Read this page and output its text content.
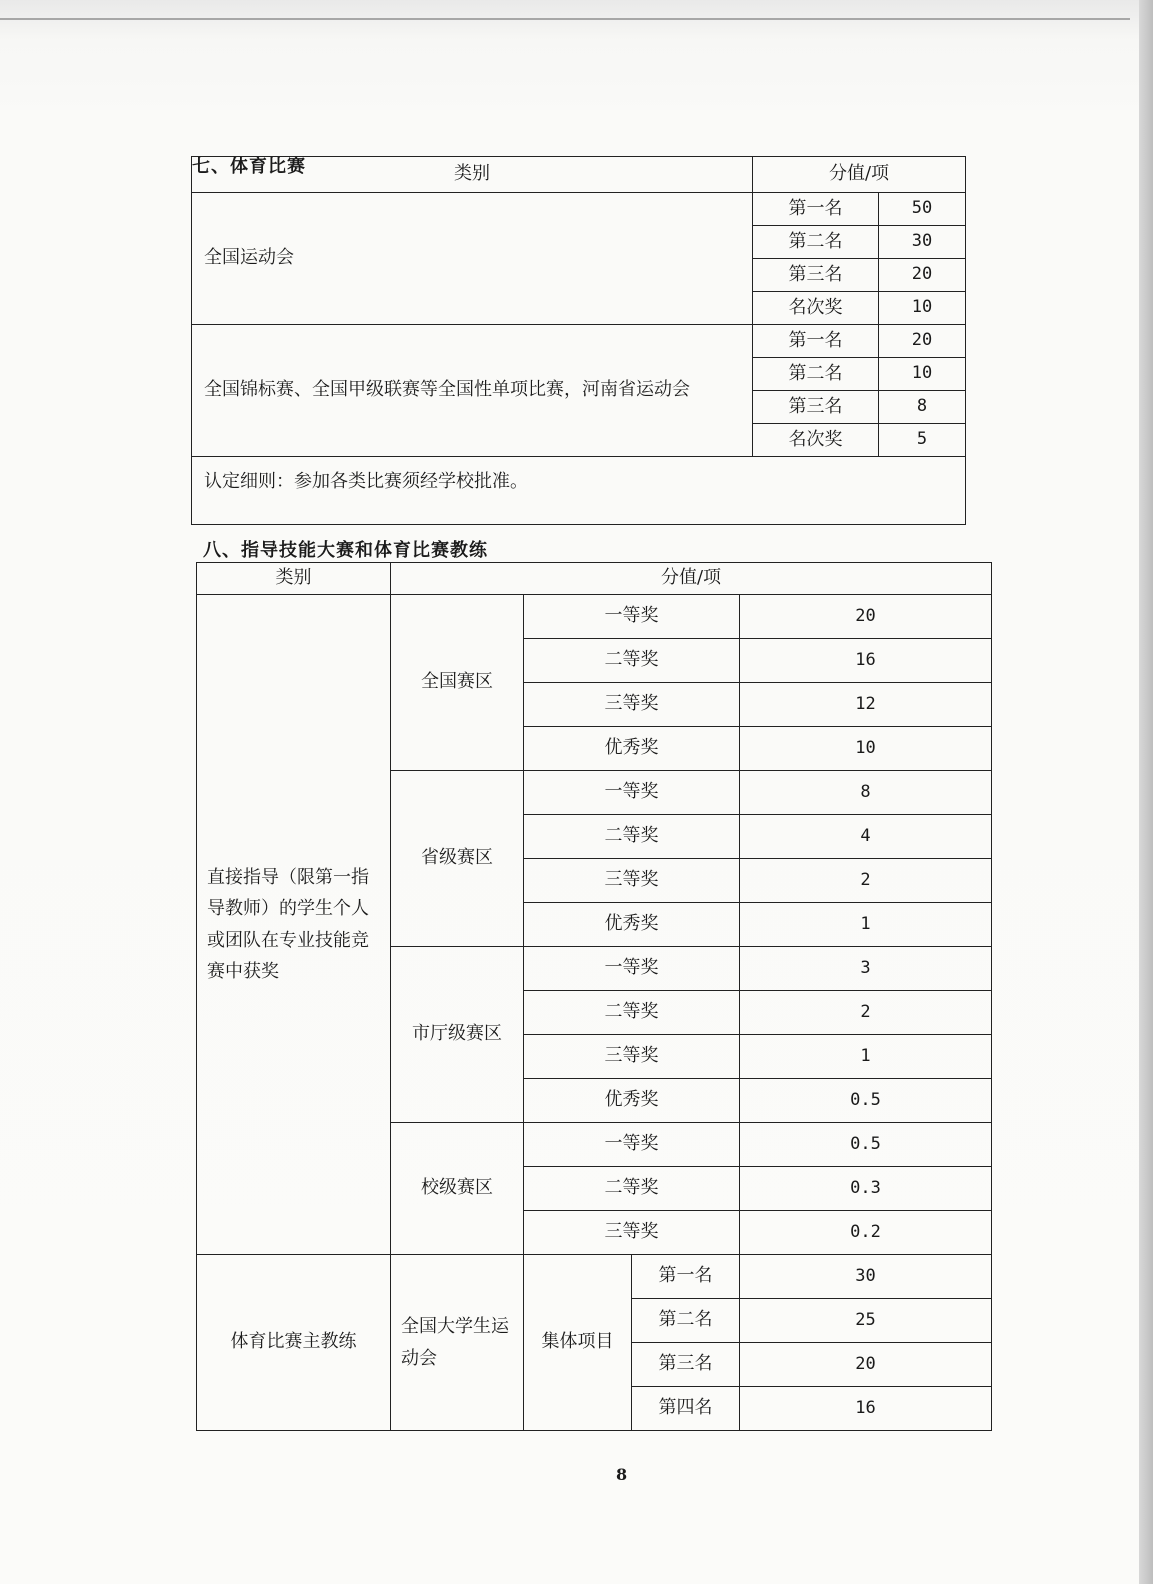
七、体育比赛	类别	分值/项	
全国运动会	第一名	50
	第二名	30
	第三名	20
	名次奖	10
全国锦标赛、全国甲级联赛等全国性单项比赛，河南省运动会	第一名	20
	第二名	10
	第三名	8
	名次奖	5
认定细则：参加各类比赛须经学校批准。		
八、指导技能大赛和体育比赛教练
类别	分值/项			
直接指导（限第一指导教师）的学生个人或团队在专业技能竞赛中获奖	全国赛区	一等奖		20
		二等奖		16
		三等奖		12
		优秀奖		10
	省级赛区	一等奖		8
		二等奖		4
		三等奖		2
		优秀奖		1
	市厅级赛区	一等奖		3
		二等奖		2
		三等奖		1
		优秀奖		0.5
	校级赛区	一等奖		0.5
		二等奖		0.3
		三等奖		0.2
体育比赛主教练	全国大学生运动会	集体项目	第一名	30
			第二名	25
			第三名	20
			第四名	16
8
